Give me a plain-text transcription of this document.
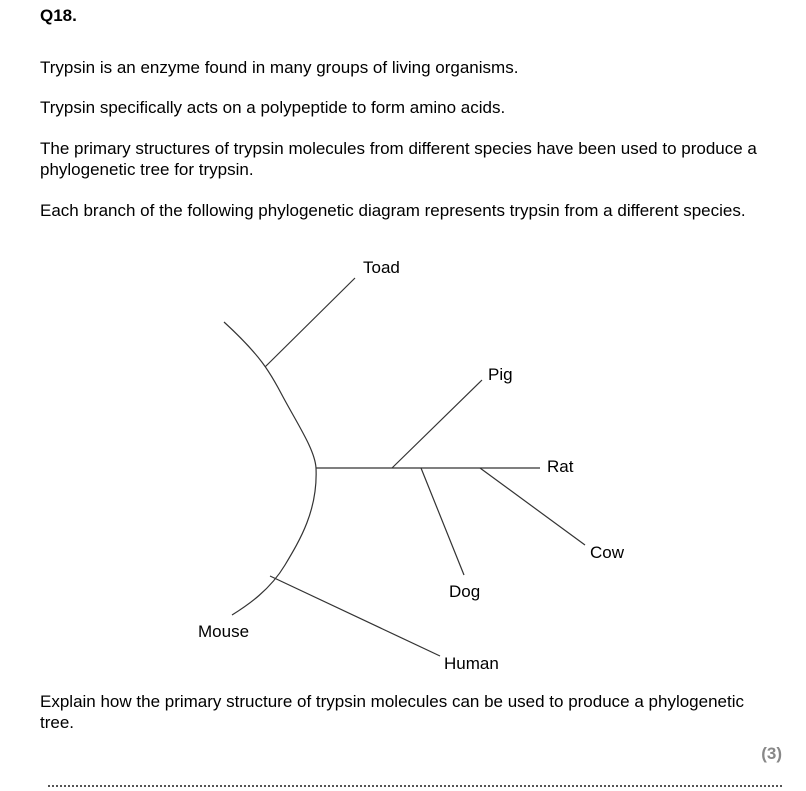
Q18.
Trypsin is an enzyme found in many groups of living organisms.
Trypsin specifically acts on a polypeptide to form amino acids.
The primary structures of trypsin molecules from different species have been used to produce a phylogenetic tree for trypsin.
Each branch of the following phylogenetic diagram represents trypsin from a different species.
Toad
Pig
Rat
Cow
Dog
Mouse
Human
Explain how the primary structure of trypsin molecules can be used to produce a phylogenetic tree.
(3)
